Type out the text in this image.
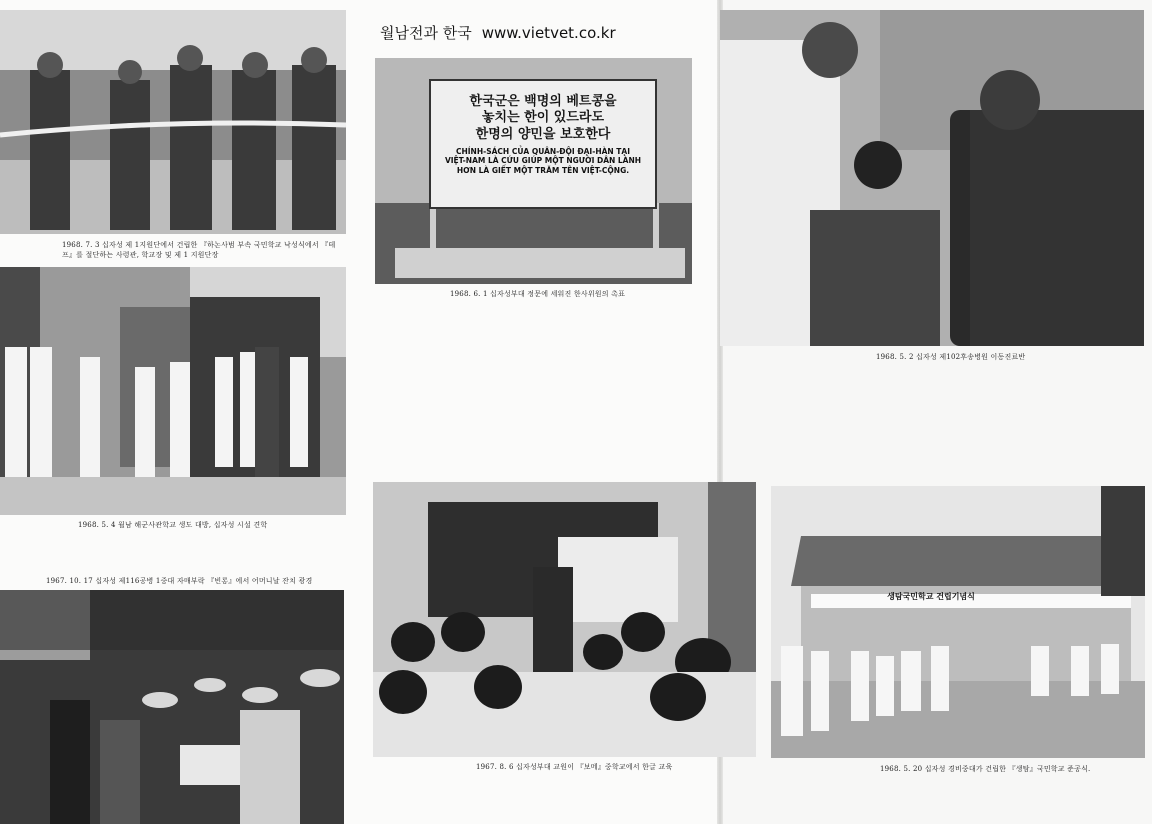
월남전과 한국 www.vietvet.co.kr
1968. 7. 3 십자성 제 1지원단에서 건립한 『하논사범 부속 국민학교 낙성식에서 『테프』를 절단하는 사령관, 학교장 및 제 1 지원단장
한국군은 백명의 베트콩을
놓치는 한이 있드라도
한명의 양민을 보호한다
CHÍNH-SÁCH CỦA QUÂN-ĐỘI ĐẠI-HÀN TẠI
VIỆT-NAM LÀ CỨU GIÚP MỘT NGƯỜI DÂN LÀNH
HƠN LÀ GIẾT MỘT TRĂM TÊN VIỆT-CỘNG.
1968. 6. 1 십자성부대 정문에 세워진 한사위원의 촉표
1968. 5. 2 십자성 제102후송병원 이동진료반
1968. 5. 4 월남 해군사관학교 생도 대방, 십자성 시설 견학
1967. 10. 17 십자성 제116공병 1중대 자매부락 『빈롱』에서 어머니날 잔치 광경
1967. 8. 6 십자성부대 교원이 『보메』중학교에서 한글 교육
생탐국민학교 건립기념식
1968. 5. 20 십자성 경비중대가 건립한 『생탐』국민학교 준공식.
